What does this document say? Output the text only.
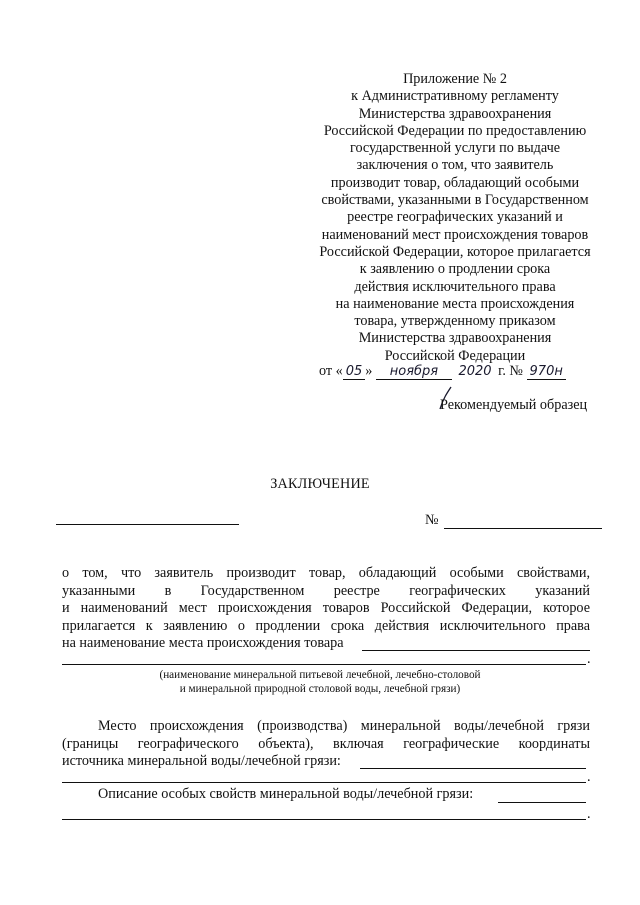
Приложение № 2
к Административному регламенту
Министерства здравоохранения
Российской Федерации по предоставлению
государственной услуги по выдаче
заключения о том, что заявитель
производит товар, обладающий особыми
свойствами, указанными в Государственном
реестре географических указаний и
наименований мест происхождения товаров
Российской Федерации, которое прилагается
к заявлению о продлении срока
действия исключительного права
на наименование места происхождения
товара, утвержденному приказом
Министерства здравоохранения
Российской Федерации
от « 05 » ноября 2020 г. № 970н
Рекомендуемый образец
ЗАКЛЮЧЕНИЕ
№
о том, что заявитель производит товар, обладающий особыми свойствами,
указанными в Государственном реестре географических указаний
и наименований мест происхождения товаров Российской Федерации, которое
прилагается к заявлению о продлении срока действия исключительного права
на наименование места происхождения товара
.
(наименование минеральной питьевой лечебной, лечебно-столовой
и минеральной природной столовой воды, лечебной грязи)
Место происхождения (производства) минеральной воды/лечебной грязи
(границы географического объекта), включая географические координаты
источника минеральной воды/лечебной грязи:
.
Описание особых свойств минеральной воды/лечебной грязи:
.
